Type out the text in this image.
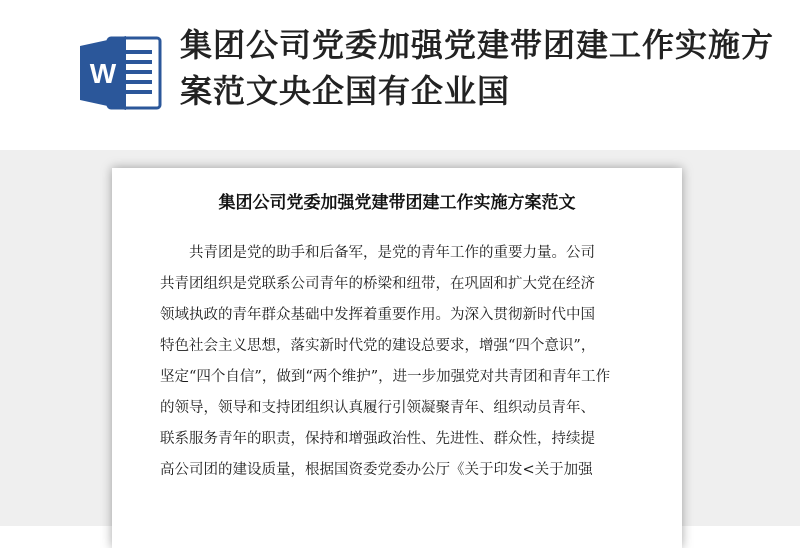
W
集团公司党委加强党建带团建工作实施方案范文央企国有企业国
集团公司党委加强党建带团建工作实施方案范文
共青团是党的助手和后备军，是党的青年工作的重要力量。公司
共青团组织是党联系公司青年的桥梁和纽带，在巩固和扩大党在经济
领域执政的青年群众基础中发挥着重要作用。为深入贯彻新时代中国
特色社会主义思想，落实新时代党的建设总要求，增强“四个意识”，
坚定“四个自信”，做到“两个维护”，进一步加强党对共青团和青年工作
的领导，领导和支持团组织认真履行引领凝聚青年、组织动员青年、
联系服务青年的职责，保持和增强政治性、先进性、群众性，持续提
高公司团的建设质量，根据国资委党委办公厅《关于印发<关于加强
